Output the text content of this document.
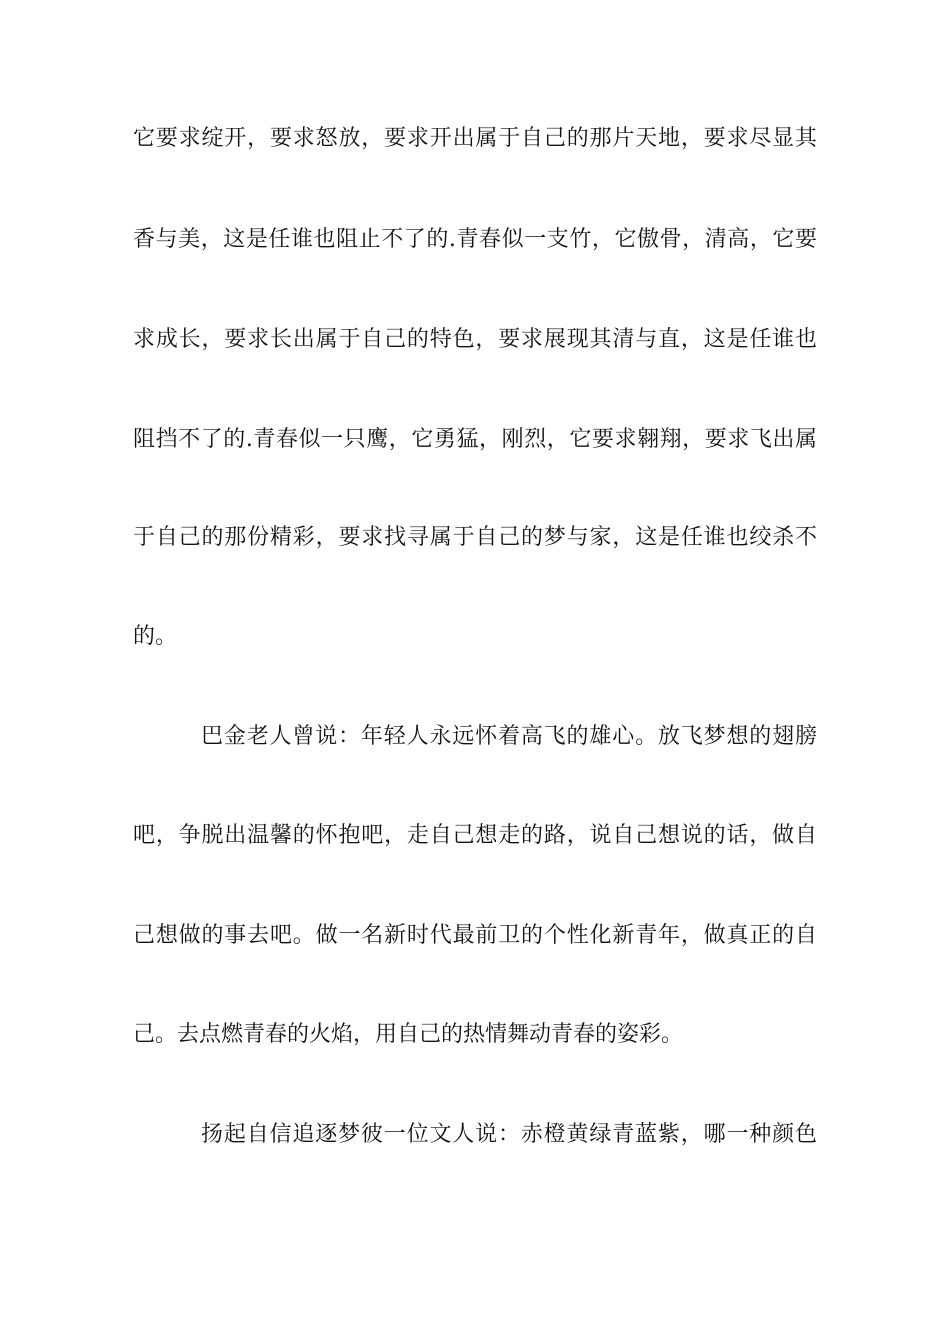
它要求绽开，要求怒放，要求开出属于自己的那片天地，要求尽显其
香与美，这是任谁也阻止不了的.青春似一支竹，它傲骨，清高，它要
求成长，要求长出属于自己的特色，要求展现其清与直，这是任谁也
阻挡不了的.青春似一只鹰，它勇猛，刚烈，它要求翱翔，要求飞出属
于自己的那份精彩，要求找寻属于自己的梦与家，这是任谁也绞杀不
的。
巴金老人曾说：年轻人永远怀着高飞的雄心。放飞梦想的翅膀
吧，争脱出温馨的怀抱吧，走自己想走的路，说自己想说的话，做自
己想做的事去吧。做一名新时代最前卫的个性化新青年，做真正的自
己。去点燃青春的火焰，用自己的热情舞动青春的姿彩。
扬起自信追逐梦彼一位文人说：赤橙黄绿青蓝紫，哪一种颜色
